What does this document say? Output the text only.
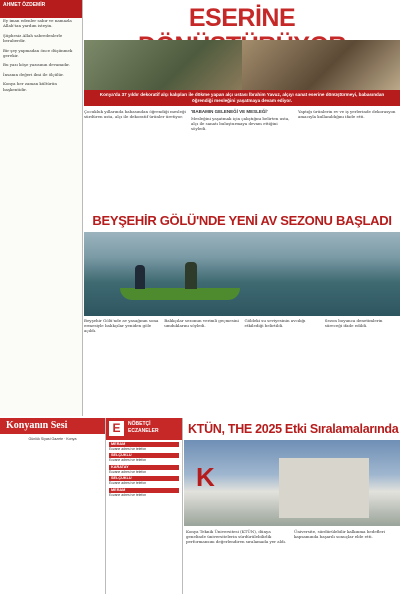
AHMET ÖZDEMİR

Ey iman edenler sabır ve namazla Allah'tan yardım isteyin.

Şüphesiz Allah sabredenlerle beraberdir.

Bir şey yapmadan önce düşünmek gerekir.

Bu yazı köşe yazısının devamıdır.

İnsanın değeri ilmi ile ölçülür.

Konya her zaman kültürün başkentidir.

ESERİNE
Konya'da 37 yıldır dekoratif alçı kalıpları ile dökme yapan alçı ustası İbrahim Yavuz, alçıyı sanat eserine dönüştürmeyi, babasından öğrendiği mesleğini yaşatmaya devam ediyor.
Çocukluk yıllarında babasından öğrendiği mesleği sürdüren usta, alçı ile dekoratif ürünler üretiyor.
'BABAMIN GELENEĞİ VE MESLEĞİ'
Mesleğini yaşatmak için çalıştığını belirten usta, alçı ile sanatı buluşturmaya devam ettiğini söyledi.
Yaptığı ürünlerin ev ve iş yerlerinde dekorasyon amacıyla kullanıldığını ifade etti.
BEYŞEHİR GÖLÜ'NDE YENİ AV SEZONU BAŞLADI
Beyşehir Gölü'nde av yasağının sona ermesiyle balıkçılar yeniden göle açıldı.
Balıkçılar sezonun verimli geçmesini umduklarını söyledi.
Göldeki su seviyesinin avcılığı etkilediği belirtildi.
Sezon boyunca denetimlerin süreceği ifade edildi.
Konyanın Sesi
Günlük Siyasi Gazete · Konya
E	NÖBETÇİ ECZANELER
MERAM
Eczane adresi ve telefon
SELÇUKLU
Eczane adresi ve telefon
KARATAY
Eczane adresi ve telefon
SELÇUKLU
Eczane adresi ve telefon
MERAM
Eczane adresi ve telefon
KTÜN, THE 2025 Etki Sıralamalarında
K
Konya Teknik Üniversitesi (KTÜN), dünya genelinde üniversitelerin sürdürülebilirlik performansını değerlendiren sıralamada yer aldı.
Üniversite, sürdürülebilir kalkınma hedefleri kapsamında başarılı sonuçlar elde etti.
